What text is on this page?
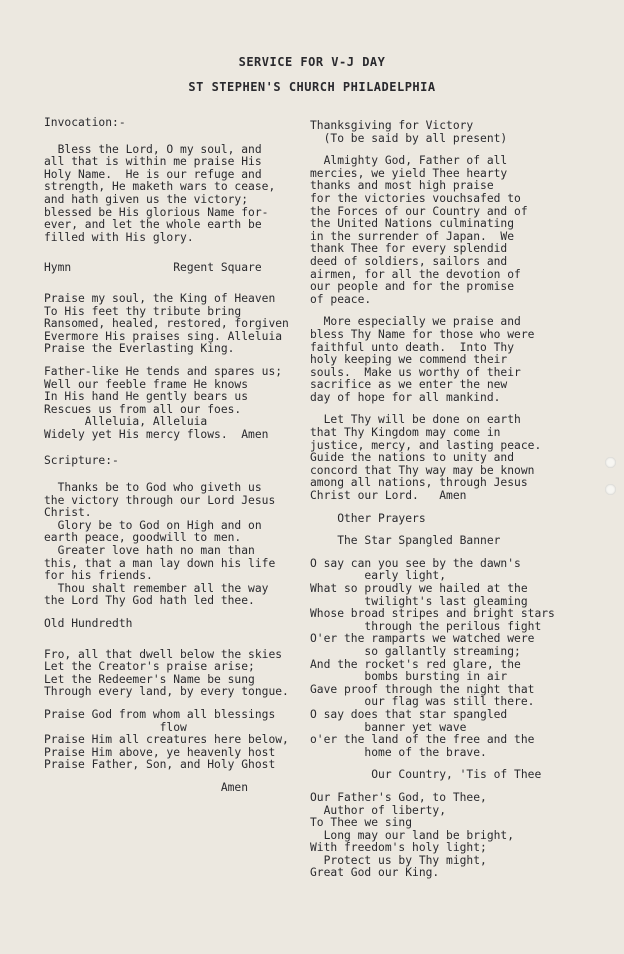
SERVICE FOR V-J DAY
ST STEPHEN'S CHURCH PHILADELPHIA

Invocation:-

Bless the Lord, O my soul, and
all that is within me praise His
Holy Name.  He is our refuge and
strength, He maketh wars to cease,
and hath given us the victory;
blessed be His glorious Name for-
ever, and let the whole earth be
filled with His glory.

Hymn               Regent Square

Praise my soul, the King of Heaven
To His feet thy tribute bring
Ransomed, healed, restored, forgiven
Evermore His praises sing. Alleluia
Praise the Everlasting King.

Father-like He tends and spares us;
Well our feeble frame He knows
In His hand He gently bears us
Rescues us from all our foes.
Alleluia, Alleluia
Widely yet His mercy flows.  Amen

Scripture:-

Thanks be to God who giveth us
the victory through our Lord Jesus
Christ.
Glory be to God on High and on
earth peace, goodwill to men.
Greater love hath no man than
this, that a man lay down his life
for his friends.
Thou shalt remember all the way
the Lord Thy God hath led thee.

Old Hundredth

Fro, all that dwell below the skies
Let the Creator's praise arise;
Let the Redeemer's Name be sung
Through every land, by every tongue.

Praise God from whom all blessings
flow
Praise Him all creatures here below,
Praise Him above, ye heavenly host
Praise Father, Son, and Holy Ghost

Amen

Thanksgiving for Victory
(To be said by all present)

Almighty God, Father of all
mercies, we yield Thee hearty
thanks and most high praise
for the victories vouchsafed to
the Forces of our Country and of
the United Nations culminating
in the surrender of Japan.  We
thank Thee for every splendid
deed of soldiers, sailors and
airmen, for all the devotion of
our people and for the promise
of peace.

More especially we praise and
bless Thy Name for those who were
faithful unto death.  Into Thy
holy keeping we commend their
souls.  Make us worthy of their
sacrifice as we enter the new
day of hope for all mankind.

Let Thy will be done on earth
that Thy Kingdom may come in
justice, mercy, and lasting peace.
Guide the nations to unity and
concord that Thy way may be known
among all nations, through Jesus
Christ our Lord.   Amen

Other Prayers

The Star Spangled Banner

O say can you see by the dawn's
early light,
What so proudly we hailed at the
twilight's last gleaming
Whose broad stripes and bright stars
through the perilous fight
O'er the ramparts we watched were
so gallantly streaming;
And the rocket's red glare, the
bombs bursting in air
Gave proof through the night that
our flag was still there.
O say does that star spangled
banner yet wave
o'er the land of the free and the
home of the brave.

Our Country, 'Tis of Thee

Our Father's God, to Thee,
Author of liberty,
To Thee we sing
Long may our land be bright,
With freedom's holy light;
Protect us by Thy might,
Great God our King.
